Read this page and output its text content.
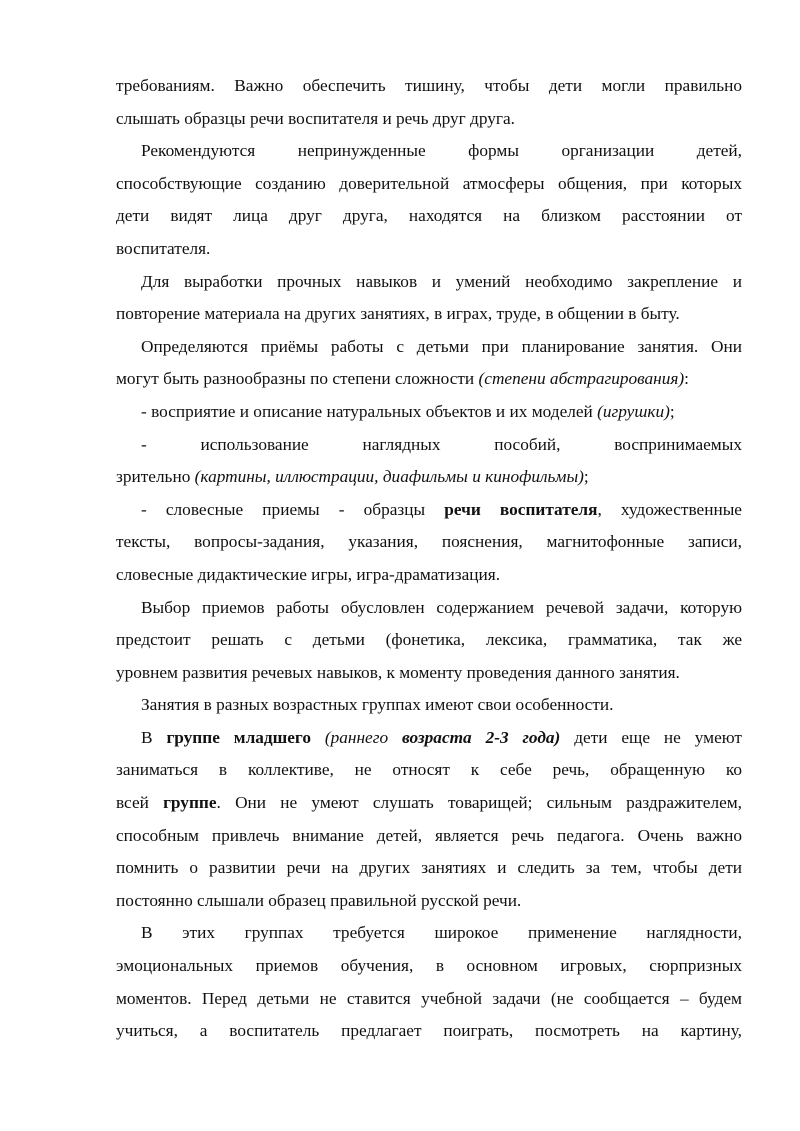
требованиям. Важно обеспечить тишину, чтобы дети могли правильно
слышать образцы речи воспитателя и речь друг друга.

Рекомендуются непринужденные формы организации детей,
способствующие созданию доверительной атмосферы общения, при которых
дети видят лица друг друга, находятся на близком расстоянии от
воспитателя.

Для выработки прочных навыков и умений необходимо закрепление и
повторение материала на других занятиях, в играх, труде, в общении в быту.

Определяются приёмы работы с детьми при планирование занятия. Они
могут быть разнообразны по степени сложности (степени абстрагирования):

- восприятие и описание натуральных объектов и их моделей (игрушки);

- использование наглядных пособий, воспринимаемых
зрительно (картины, иллюстрации, диафильмы и кинофильмы);

- словесные приемы - образцы речи воспитателя, художественные
тексты, вопросы-задания, указания, пояснения, магнитофонные записи,
словесные дидактические игры, игра-драматизация.

Выбор приемов работы обусловлен содержанием речевой задачи, которую
предстоит решать с детьми (фонетика, лексика, грамматика, так же
уровнем развития речевых навыков, к моменту проведения данного занятия.

Занятия в разных возрастных группах имеют свои особенности.

В группе младшего (раннего возраста 2-3 года) дети еще не умеют
заниматься в коллективе, не относят к себе речь, обращенную ко
всей группе. Они не умеют слушать товарищей; сильным раздражителем,
способным привлечь внимание детей, является речь педагога. Очень важно
помнить о развитии речи на других занятиях и следить за тем, чтобы дети
постоянно слышали образец правильной русской речи.

В этих группах требуется широкое применение наглядности,
эмоциональных приемов обучения, в основном игровых, сюрпризных
моментов. Перед детьми не ставится учебной задачи (не сообщается – будем
учиться, а воспитатель предлагает поиграть, посмотреть на картину,
